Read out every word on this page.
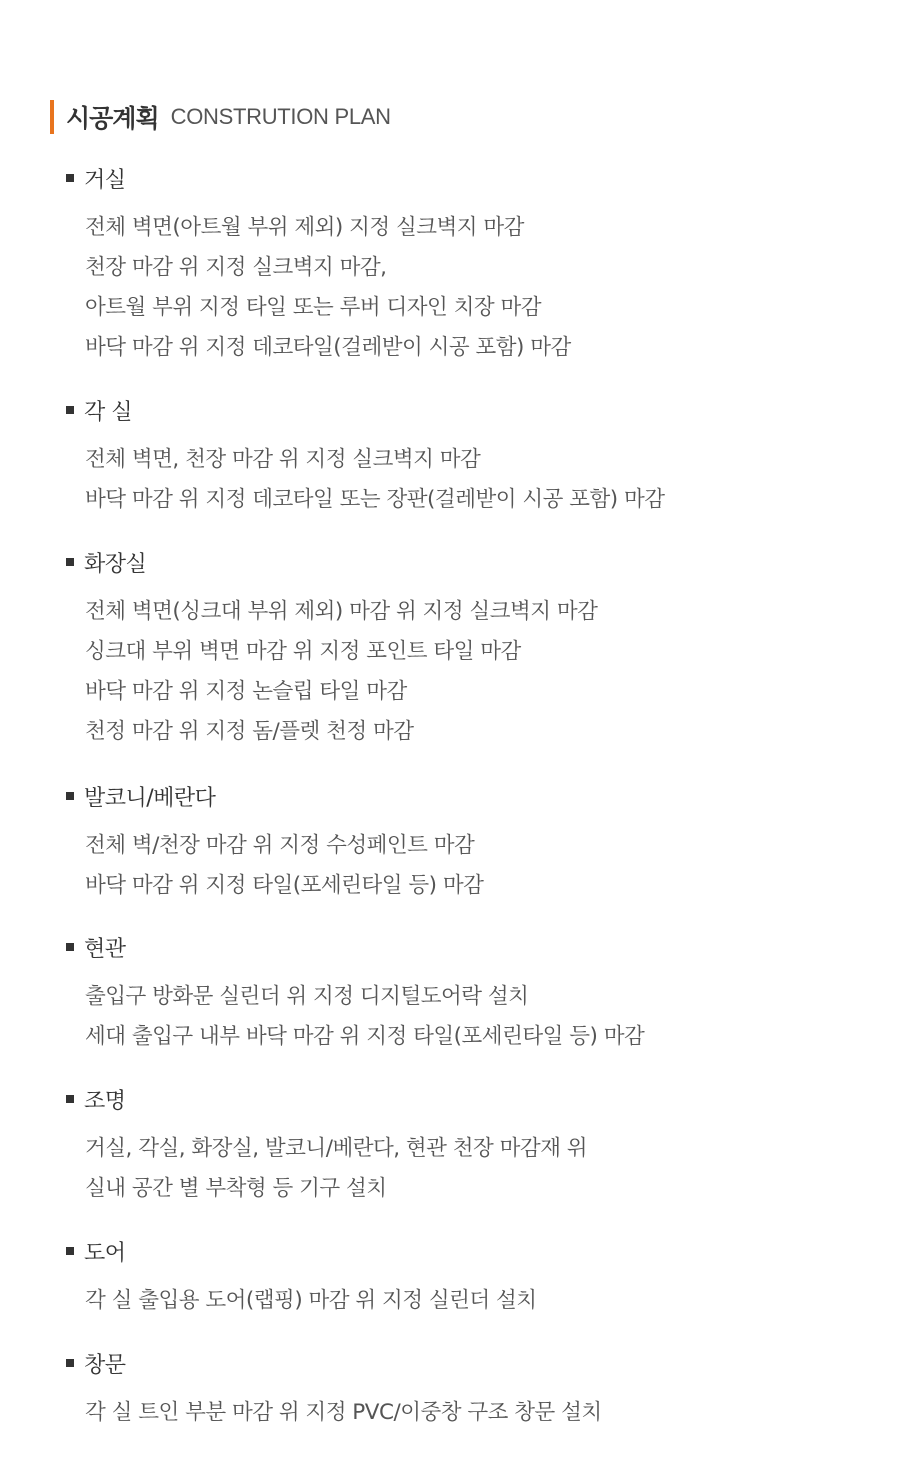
시공계획 CONSTRUTION PLAN
거실
전체 벽면(아트월 부위 제외) 지정 실크벽지 마감
천장 마감 위 지정 실크벽지 마감,
아트월 부위 지정 타일 또는 루버 디자인 치장 마감
바닥 마감 위 지정 데코타일(걸레받이 시공 포함) 마감
각 실
전체 벽면, 천장 마감 위 지정 실크벽지 마감
바닥 마감 위 지정 데코타일 또는 장판(걸레받이 시공 포함) 마감
화장실
전체 벽면(싱크대 부위 제외) 마감 위 지정 실크벽지 마감
싱크대 부위 벽면 마감 위 지정 포인트 타일 마감
바닥 마감 위 지정 논슬립 타일 마감
천정 마감 위 지정 돔/플렛 천정 마감
발코니/베란다
전체 벽/천장 마감 위 지정 수성페인트 마감
바닥 마감 위 지정 타일(포세린타일 등) 마감
현관
출입구 방화문 실린더 위 지정 디지털도어락 설치
세대 출입구 내부 바닥 마감 위 지정 타일(포세린타일 등) 마감
조명
거실, 각실, 화장실, 발코니/베란다, 현관 천장 마감재 위
실내 공간 별 부착형 등 기구 설치
도어
각 실 출입용 도어(랩핑) 마감 위 지정 실린더 설치
창문
각 실 트인 부분 마감 위 지정 PVC/이중창 구조 창문 설치
